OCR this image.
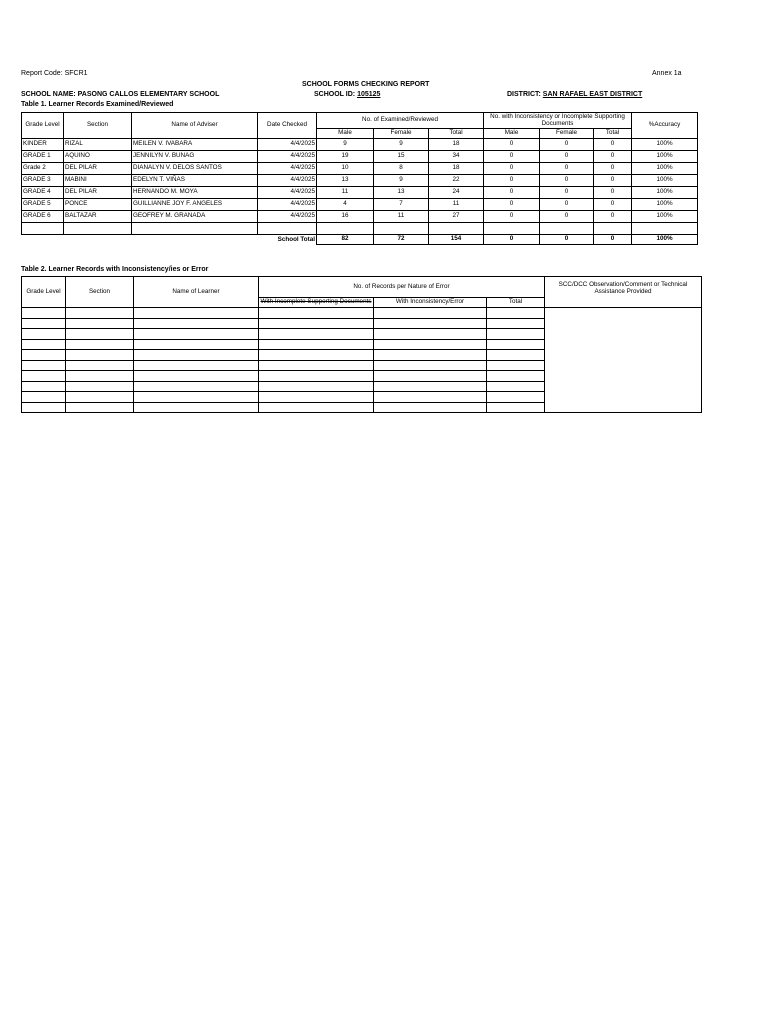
Report Code: SFCR1	Annex 1a
SCHOOL FORMS CHECKING REPORT
SCHOOL NAME: PASONG CALLOS ELEMENTARY SCHOOL	SCHOOL ID: 105125	DISTRICT: SAN RAFAEL EAST DISTRICT
Table 1. Learner Records Examined/Reviewed
Grade Level	Section	Name of Adviser	Date Checked	No. of Examined/Reviewed			No. with Inconsistency or Incomplete Supporting Documents			%Accuracy
				Male	Female	Total	Male	Female	Total	
KINDER	RIZAL	MEILEN V. IVABARA	4/4/2025	9	9	18	0	0	0	100%
GRADE 1	AQUINO	JENNILYN V. BUNAG	4/4/2025	19	15	34	0	0	0	100%
Grade 2	DEL PILAR	DIANALYN V. DELOS SANTOS	4/4/2025	10	8	18	0	0	0	100%
GRADE 3	MABINI	EDELYN T. VIÑAS	4/4/2025	13	9	22	0	0	0	100%
GRADE 4	DEL PILAR	HERNANDO M. MOYA	4/4/2025	11	13	24	0	0	0	100%
GRADE 5	PONCE	GUILLIANNE JOY F. ANGELES	4/4/2025	4	7	11	0	0	0	100%
GRADE 6	BALTAZAR	GEOFREY M. GRANADA	4/4/2025	16	11	27	0	0	0	100%

			School Total	82	72	154	0	0	0	100%
Table 2. Learner Records with Inconsistency/ies or Error
Grade Level	Section	Name of Learner	No. of Records per Nature of Error			SCC/DCC Observation/Comment or Technical Assistance Provided
			With Incomplete Supporting Documents	With Inconsistency/Error	Total	
